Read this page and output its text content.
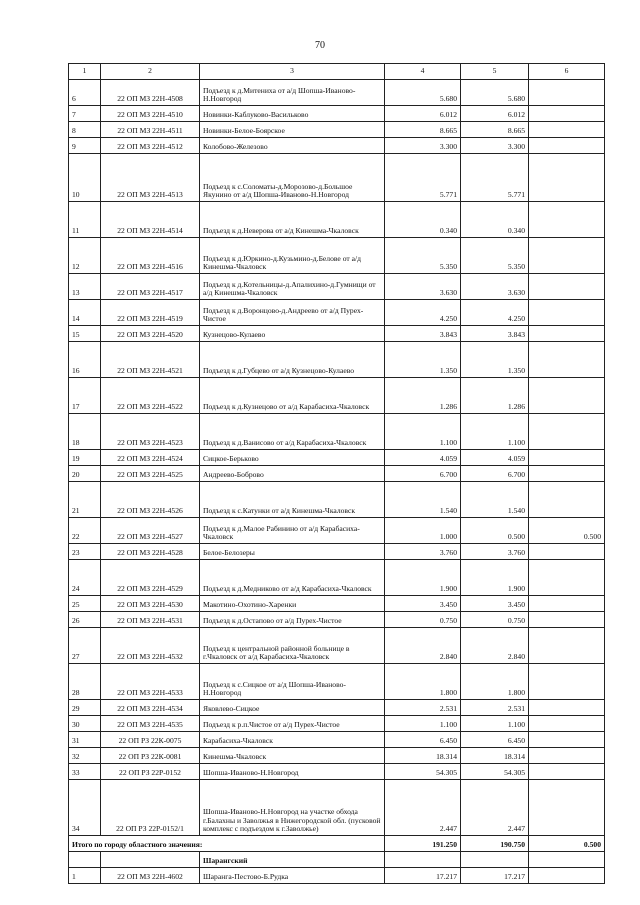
70
1	2	3	4	5	6
6	22 ОП МЗ 22Н-4508	Подъезд к д.Митениха от а/д Шопша-Иваново-Н.Новгород	5.680	5.680	
7	22 ОП МЗ 22Н-4510	Новинки-Каблуково-Васильково	6.012	6.012	
8	22 ОП МЗ 22Н-4511	Новинки-Белое-Боярское	8.665	8.665	
9	22 ОП МЗ 22Н-4512	Колобово-Железово	3.300	3.300	
10	22 ОП МЗ 22Н-4513	Подъезд к с.Соломаты-д.Морозово-д.Большое Якунино от а/д Шопша-Иваново-Н.Новгород	5.771	5.771	
11	22 ОП МЗ 22Н-4514	Подъезд к д.Неверова от а/д Кинешма-Чкаловск	0.340	0.340	
12	22 ОП МЗ 22Н-4516	Подъезд к д.Юркино-д.Кузьмино-д.Белове от а/д Кинешма-Чкаловск	5.350	5.350	
13	22 ОП МЗ 22Н-4517	Подъезд к д.Котельницы-д.Апалихино-д.Гумнищи от а/д Кинешма-Чкаловск	3.630	3.630	
14	22 ОП МЗ 22Н-4519	Подъезд к д.Воронцово-д.Андреево от а/д Пурех-Чистое	4.250	4.250	
15	22 ОП МЗ 22Н-4520	Кузнецово-Кулаево	3.843	3.843	
16	22 ОП МЗ 22Н-4521	Подъезд к д.Губцево от а/д Кузнецово-Кулаево	1.350	1.350	
17	22 ОП МЗ 22Н-4522	Подъезд к д.Кузнецово от а/д Карабасиха-Чкаловск	1.286	1.286	
18	22 ОП МЗ 22Н-4523	Подъезд к д.Ванисово от а/д Карабасиха-Чкаловск	1.100	1.100	
19	22 ОП МЗ 22Н-4524	Сицкое-Берьково	4.059	4.059	
20	22 ОП МЗ 22Н-4525	Андреево-Боброво	6.700	6.700	
21	22 ОП МЗ 22Н-4526	Подъезд к с.Катунки от а/д Кинешма-Чкаловск	1.540	1.540	
22	22 ОП МЗ 22Н-4527	Подъезд к д.Малое Рабинино от а/д Карабасиха-Чкаловск	1.000	0.500	0.500
23	22 ОП МЗ 22Н-4528	Белое-Белозеры	3.760	3.760	
24	22 ОП МЗ 22Н-4529	Подъезд к д.Медниково от а/д Карабасиха-Чкаловск	1.900	1.900	
25	22 ОП МЗ 22Н-4530	Макотино-Охотино-Харенки	3.450	3.450	
26	22 ОП МЗ 22Н-4531	Подъезд к д.Остапово от а/д Пурех-Чистое	0.750	0.750	
27	22 ОП МЗ 22Н-4532	Подъезд к центральной районной больнице в г.Чкаловск от а/д Карабасиха-Чкаловск	2.840	2.840	
28	22 ОП МЗ 22Н-4533	Подъезд к с.Сицкое от а/д Шопша-Иваново-Н.Новгород	1.800	1.800	
29	22 ОП МЗ 22Н-4534	Яковлево-Сицкое	2.531	2.531	
30	22 ОП МЗ 22Н-4535	Подъезд к р.п.Чистое от а/д Пурех-Чистое	1.100	1.100	
31	22 ОП РЗ 22К-0075	Карабасиха-Чкаловск	6.450	6.450	
32	22 ОП РЗ 22К-0081	Кинешма-Чкаловск	18.314	18.314	
33	22 ОП РЗ 22Р-0152	Шопша-Иваново-Н.Новгород	54.305	54.305	
34	22 ОП РЗ 22Р-0152/1	Шопша-Иваново-Н.Новгород на участке обхода г.Балахны и Заволжья в Нижегородской обл. (пусковой комплекс с подъездом к г.Заволжье)	2.447	2.447	
Итого по городу областного значения:			191.250	190.750	0.500
		Шарангский			
1	22 ОП МЗ 22Н-4602	Шаранга-Пестово-Б.Рудка	17.217	17.217	
